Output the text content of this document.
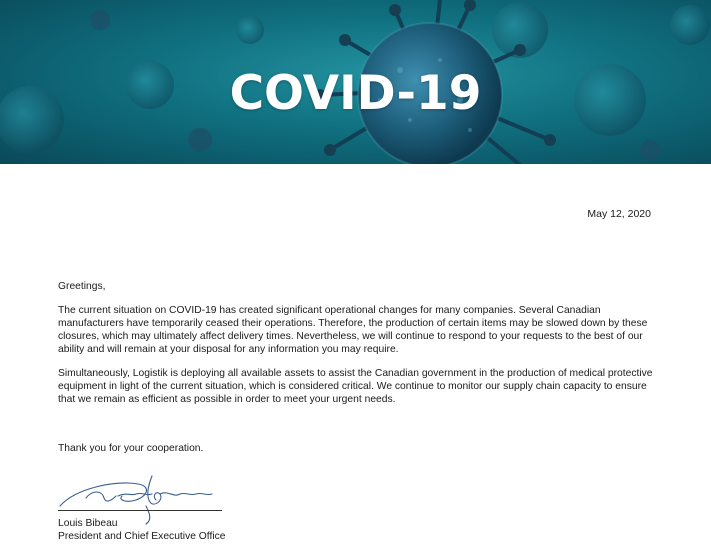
COVID-19
May 12, 2020

Greetings,

The current situation on COVID-19 has created significant operational changes for many companies. Several Canadian manufacturers have temporarily ceased their operations. Therefore, the production of certain items may be slowed down by these closures, which may ultimately affect delivery times. Nevertheless, we will continue to respond to your requests to the best of our ability and will remain at your disposal for any information you may require.

Simultaneously, Logistik is deploying all available assets to assist the Canadian government in the production of medical protective equipment in light of the current situation, which is considered critical. We continue to monitor our supply chain capacity to ensure that we remain as efficient as possible in order to meet your urgent needs.

Thank you for your cooperation.
Louis Bibeau
President and Chief Executive Office
